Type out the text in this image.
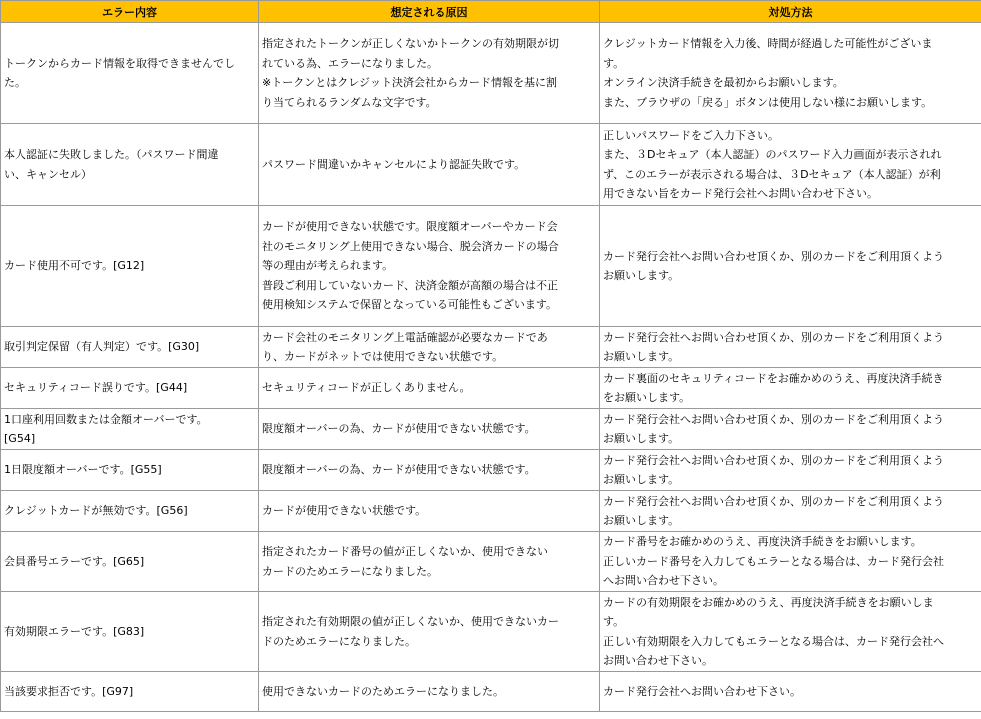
エラー内容	想定される原因	対処方法

トークンからカード情報を取得できませんでし
た。	指定されたトークンが正しくないかトークンの有効期限が切
れている為、エラーになりました。
※トークンとはクレジット決済会社からカード情報を基に割
り当てられるランダムな文字です。	クレジットカード情報を入力後、時間が経過した可能性がございま
す。
オンライン決済手続きを最初からお願いします。
また、ブラウザの「戻る」ボタンは使用しない様にお願いします。

本人認証に失敗しました。（パスワード間違
い、キャンセル）	パスワード間違いかキャンセルにより認証失敗です。	正しいパスワードをご入力下さい。
また、３Dセキュア（本人認証）のパスワード入力画面が表示されれ
ず、このエラーが表示される場合は、３Dセキュア（本人認証）が利
用できない旨をカード発行会社へお問い合わせ下さい。

カード使用不可です。[G12]	カードが使用できない状態です。限度額オーバーやカード会
社のモニタリング上使用できない場合、脱会済カードの場合
等の理由が考えられます。
普段ご利用していないカード、決済金額が高額の場合は不正
使用検知システムで保留となっている可能性もございます。	カード発行会社へお問い合わせ頂くか、別のカードをご利用頂くよう
お願いします。

取引判定保留（有人判定）です。[G30]	カード会社のモニタリング上電話確認が必要なカードであ
り、カードがネットでは使用できない状態です。	カード発行会社へお問い合わせ頂くか、別のカードをご利用頂くよう
お願いします。

セキュリティコード誤りです。[G44]	セキュリティコードが正しくありません。	カード裏面のセキュリティコードをお確かめのうえ、再度決済手続き
をお願いします。

1口座利用回数または金額オーバーです。
[G54]	限度額オーバーの為、カードが使用できない状態です。	カード発行会社へお問い合わせ頂くか、別のカードをご利用頂くよう
お願いします。

1日限度額オーバーです。[G55]	限度額オーバーの為、カードが使用できない状態です。	カード発行会社へお問い合わせ頂くか、別のカードをご利用頂くよう
お願いします。

クレジットカードが無効です。[G56]	カードが使用できない状態です。	カード発行会社へお問い合わせ頂くか、別のカードをご利用頂くよう
お願いします。

会員番号エラーです。[G65]	指定されたカード番号の値が正しくないか、使用できない
カードのためエラーになりました。	カード番号をお確かめのうえ、再度決済手続きをお願いします。
正しいカード番号を入力してもエラーとなる場合は、カード発行会社
へお問い合わせ下さい。

有効期限エラーです。[G83]	指定された有効期限の値が正しくないか、使用できないカー
ドのためエラーになりました。	カードの有効期限をお確かめのうえ、再度決済手続きをお願いしま
す。
正しい有効期限を入力してもエラーとなる場合は、カード発行会社へ
お問い合わせ下さい。

当該要求拒否です。[G97]	使用できないカードのためエラーになりました。	カード発行会社へお問い合わせ下さい。
